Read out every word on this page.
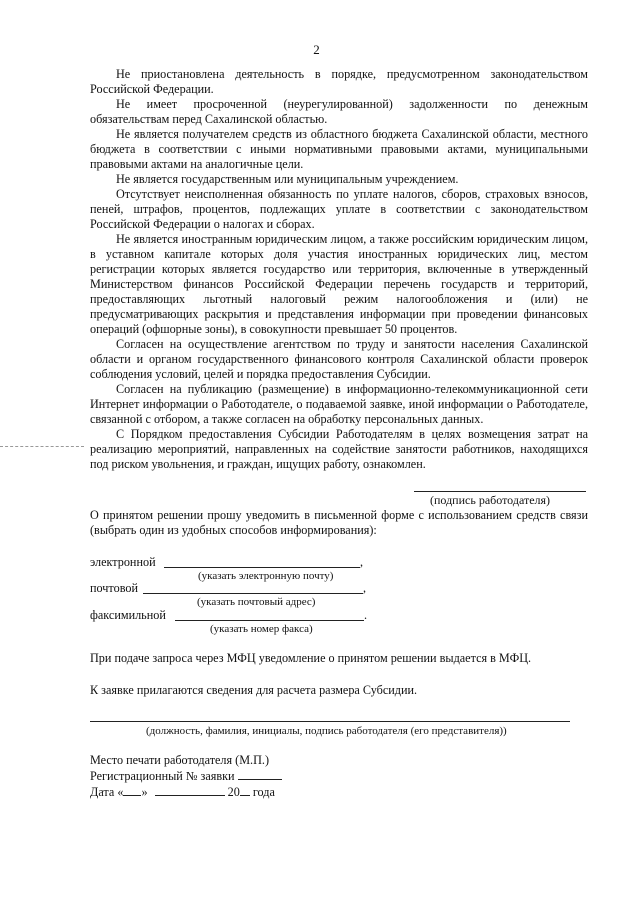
2

Не приостановлена деятельность в порядке, предусмотренном законодательством Российской Федерации.

Не имеет просроченной (неурегулированной) задолженности по денежным обязательствам перед Сахалинской областью.

Не является получателем средств из областного бюджета Сахалинской области, местного бюджета в соответствии с иными нормативными правовыми актами, муниципальными правовыми актами на аналогичные цели.

Не является государственным или муниципальным учреждением.

Отсутствует неисполненная обязанность по уплате налогов, сборов, страховых взносов, пеней, штрафов, процентов, подлежащих уплате в соответствии с законодательством Российской Федерации о налогах и сборах.

Не является иностранным юридическим лицом, а также российским юридическим лицом, в уставном капитале которых доля участия иностранных юридических лиц, местом регистрации которых является государство или территория, включенные в утвержденный Министерством финансов Российской Федерации перечень государств и территорий, предоставляющих льготный налоговый режим налогообложения и (или) не предусматривающих раскрытия и представления информации при проведении финансовых операций (офшорные зоны), в совокупности превышает 50 процентов.

Согласен на осуществление агентством по труду и занятости населения Сахалинской области и органом государственного финансового контроля Сахалинской области проверок соблюдения условий, целей и порядка предоставления Субсидии.

Согласен на публикацию (размещение) в информационно-телекоммуникационной сети Интернет информации о Работодателе, о подаваемой заявке, иной информации о Работодателе, связанной с отбором, а также согласен на обработку персональных данных.

С Порядком предоставления Субсидии Работодателям в целях возмещения затрат на реализацию мероприятий, направленных на содействие занятости работников, находящихся под риском увольнения, и граждан, ищущих работу, ознакомлен.

(подпись работодателя)
О принятом решении прошу уведомить в письменной форме с использованием средств связи (выбрать один из удобных способов информирования):
электронной	,
(указать электронную почту)
почтовой	,
(указать почтовый адрес)
факсимильной	.
(указать номер факса)
При подаче запроса через МФЦ уведомление о принятом решении выдается в МФЦ.
К заявке прилагаются сведения для расчета размера Субсидии.
(должность, фамилия, инициалы, подпись работодателя (его представителя))
Место печати работодателя (М.П.)
Регистрационный № заявки
Дата « »	20 года
